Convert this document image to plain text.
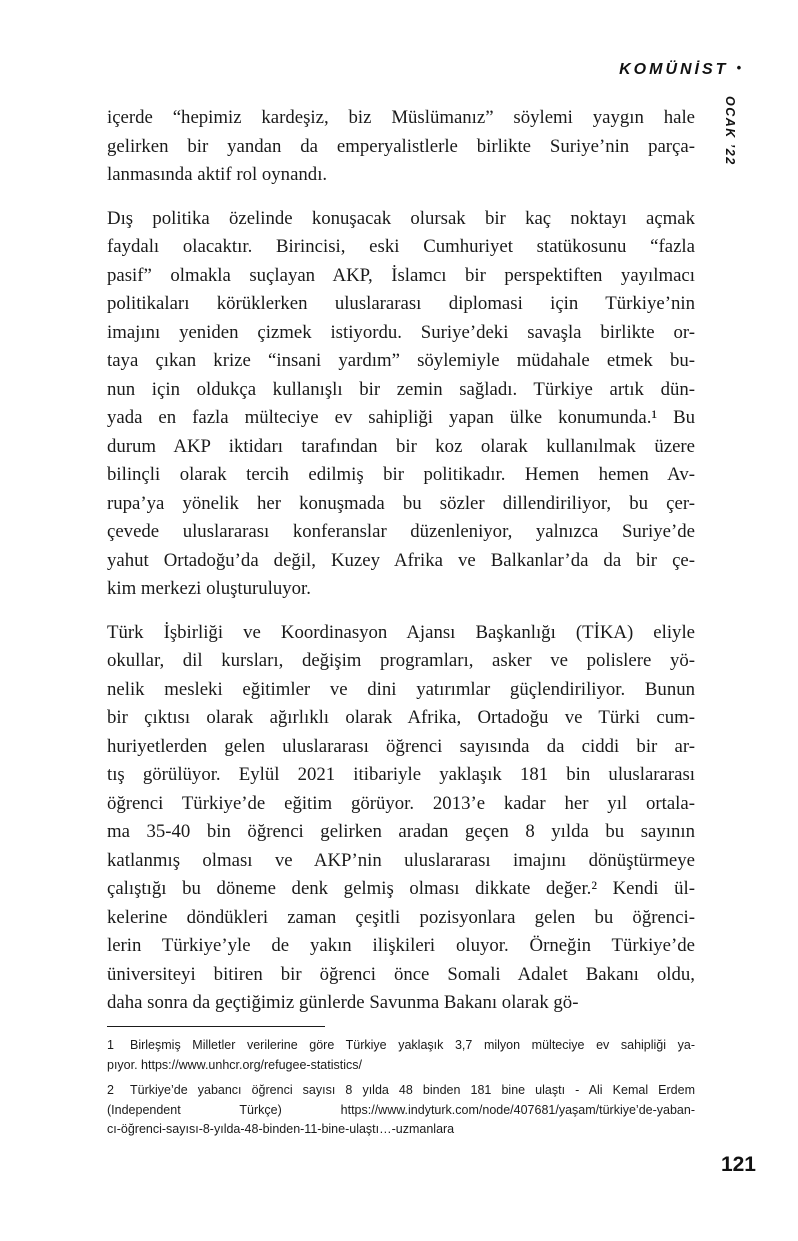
KOMÜNİST •
OCAK ’22
içerde “hepimiz kardeşiz, biz Müslümanız” söylemi yaygın hale
gelirken bir yandan da emperyalistlerle birlikte Suriye’nin parça-
lanmasında aktif rol oynandı.
Dış politika özelinde konuşacak olursak bir kaç noktayı açmak
faydalı olacaktır. Birincisi, eski Cumhuriyet statükosunu “fazla
pasif” olmakla suçlayan AKP, İslamcı bir perspektiften yayılmacı
politikaları körüklerken uluslararası diplomasi için Türkiye’nin
imajını yeniden çizmek istiyordu. Suriye’deki savaşla birlikte or-
taya çıkan krize “insani yardım” söylemiyle müdahale etmek bu-
nun için oldukça kullanışlı bir zemin sağladı. Türkiye artık dün-
yada en fazla mülteciye ev sahipliği yapan ülke konumunda.¹ Bu
durum AKP iktidarı tarafından bir koz olarak kullanılmak üzere
bilinçli olarak tercih edilmiş bir politikadır. Hemen hemen Av-
rupa’ya yönelik her konuşmada bu sözler dillendiriliyor, bu çer-
çevede uluslararası konferanslar düzenleniyor, yalnızca Suriye’de
yahut Ortadoğu’da değil, Kuzey Afrika ve Balkanlar’da da bir çe-
kim merkezi oluşturuluyor.
Türk İşbirliği ve Koordinasyon Ajansı Başkanlığı (TİKA) eliyle
okullar, dil kursları, değişim programları, asker ve polislere yö-
nelik mesleki eğitimler ve dini yatırımlar güçlendiriliyor. Bunun
bir çıktısı olarak ağırlıklı olarak Afrika, Ortadoğu ve Türki cum-
huriyetlerden gelen uluslararası öğrenci sayısında da ciddi bir ar-
tış görülüyor. Eylül 2021 itibariyle yaklaşık 181 bin uluslararası
öğrenci Türkiye’de eğitim görüyor. 2013’e kadar her yıl ortala-
ma 35-40 bin öğrenci gelirken aradan geçen 8 yılda bu sayının
katlanmış olması ve AKP’nin uluslararası imajını dönüştürmeye
çalıştığı bu döneme denk gelmiş olması dikkate değer.² Kendi ül-
kelerine döndükleri zaman çeşitli pozisyonlara gelen bu öğrenci-
lerin Türkiye’yle de yakın ilişkileri oluyor. Örneğin Türkiye’de
üniversiteyi bitiren bir öğrenci önce Somali Adalet Bakanı oldu,
daha sonra da geçtiğimiz günlerde Savunma Bakanı olarak gö-
1 Birleşmiş Milletler verilerine göre Türkiye yaklaşık 3,7 milyon mülteciye ev sahipliği ya-
pıyor. https://www.unhcr.org/refugee-statistics/
2 Türkiye’de yabancı öğrenci sayısı 8 yılda 48 binden 181 bine ulaştı - Ali Kemal Erdem
(Independent Türkçe) https://www.indyturk.com/node/407681/yaşam/türkiye’de-yaban-
cı-öğrenci-sayısı-8-yılda-48-binden-11-bine-ulaştı…-uzmanlara
121
